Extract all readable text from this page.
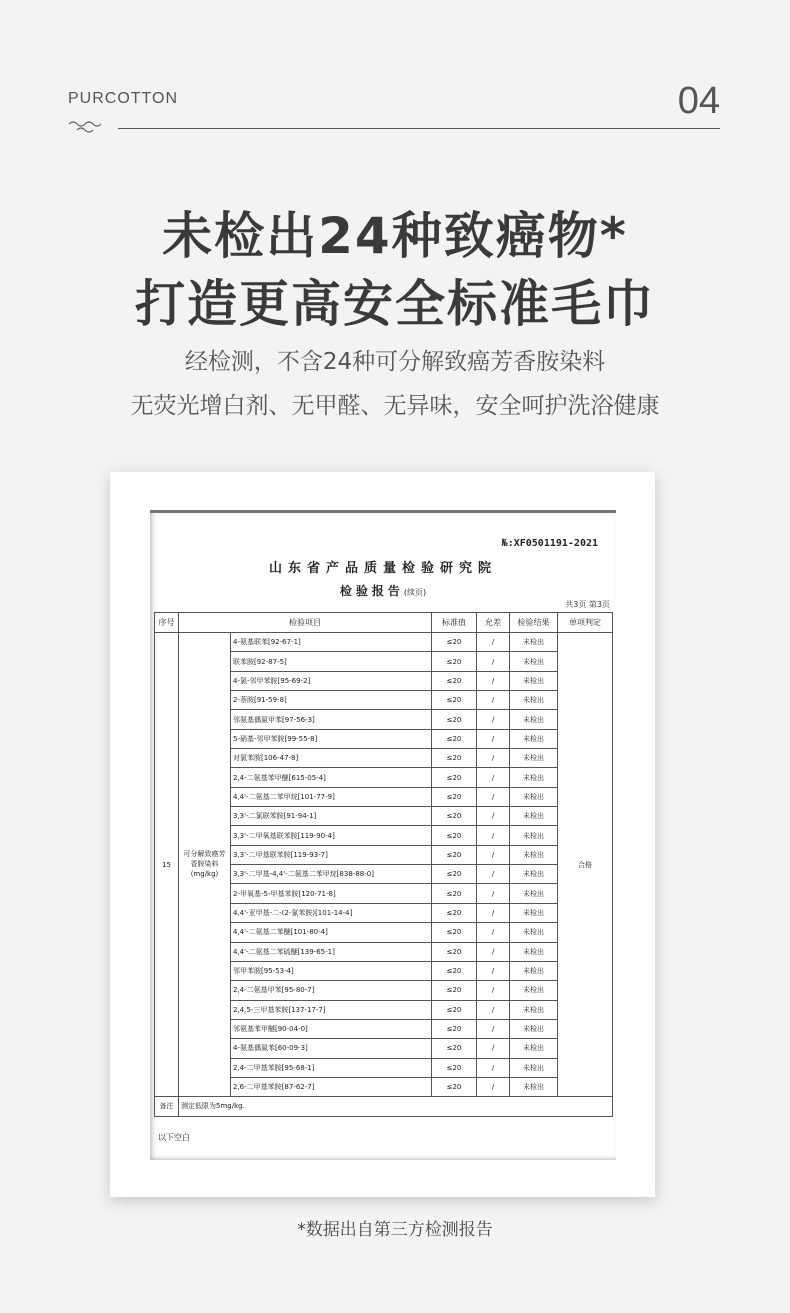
PURCOTTON	04
未检出24种致癌物*
打造更高安全标准毛巾
经检测，不含24种可分解致癌芳香胺染料
无荧光增白剂、无甲醛、无异味，安全呵护洗浴健康
№:XF0501191-2021
山东省产品质量检验研究院
检验报告(续页)
共3页 第3页
序号	检验项目		标准值	允差	检验结果	单项判定
15	可分解致癌芳香胺染料(mg/kg)	4-氨基联苯[92-67-1]	≤20	/	未检出	合格
		联苯胺[92-87-5]	≤20	/	未检出	
		4-氯-邻甲苯胺[95-69-2]	≤20	/	未检出	
		2-萘胺[91-59-8]	≤20	/	未检出	
		邻氨基偶氮甲苯[97-56-3]	≤20	/	未检出	
		5-硝基-邻甲苯胺[99-55-8]	≤20	/	未检出	
		对氯苯胺[106-47-8]	≤20	/	未检出	
		2,4-二氨基苯甲醚[615-05-4]	≤20	/	未检出	
		4,4'-二氨基二苯甲烷[101-77-9]	≤20	/	未检出	
		3,3'-二氯联苯胺[91-94-1]	≤20	/	未检出	
		3,3'-二甲氧基联苯胺[119-90-4]	≤20	/	未检出	
		3,3'-二甲基联苯胺[119-93-7]	≤20	/	未检出	
		3,3'-二甲基-4,4'-二氨基二苯甲烷[838-88-0]	≤20	/	未检出	
		2-甲氧基-5-甲基苯胺[120-71-8]	≤20	/	未检出	
		4,4'-亚甲基-二-(2-氯苯胺)[101-14-4]	≤20	/	未检出	
		4,4'-二氨基二苯醚[101-80-4]	≤20	/	未检出	
		4,4'-二氨基二苯硫醚[139-65-1]	≤20	/	未检出	
		邻甲苯胺[95-53-4]	≤20	/	未检出	
		2,4-二氨基甲苯[95-80-7]	≤20	/	未检出	
		2,4,5-三甲基苯胺[137-17-7]	≤20	/	未检出	
		邻氨基苯甲醚[90-04-0]	≤20	/	未检出	
		4-氨基偶氮苯[60-09-3]	≤20	/	未检出	
		2,4-二甲基苯胺[95-68-1]	≤20	/	未检出	
		2,6-二甲基苯胺[87-62-7]	≤20	/	未检出	
备注	测定低限为5mg/kg.					
以下空白
*数据出自第三方检测报告
